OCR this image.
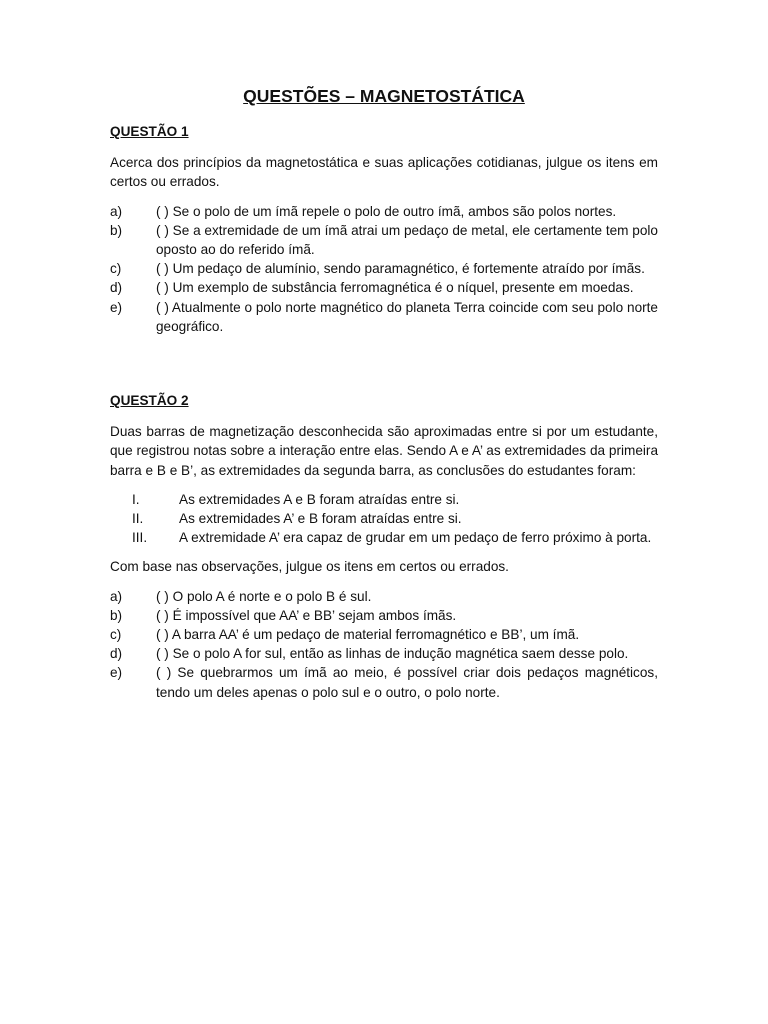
QUESTÕES – MAGNETOSTÁTICA
QUESTÃO 1

Acerca dos princípios da magnetostática e suas aplicações cotidianas, julgue os itens em certos ou errados.

a)	( ) Se o polo de um ímã repele o polo de outro ímã, ambos são polos nortes.
b)	( ) Se a extremidade de um ímã atrai um pedaço de metal, ele certamente tem polo oposto ao do referido ímã.
c)	( ) Um pedaço de alumínio, sendo paramagnético, é fortemente atraído por ímãs.
d)	( ) Um exemplo de substância ferromagnética é o níquel, presente em moedas.
e)	( ) Atualmente o polo norte magnético do planeta Terra coincide com seu polo norte geográfico.
QUESTÃO 2

Duas barras de magnetização desconhecida são aproximadas entre si por um estudante, que registrou notas sobre a interação entre elas. Sendo A e A’ as extremidades da primeira barra e B e B’, as extremidades da segunda barra, as conclusões do estudantes foram:

I.	As extremidades A e B foram atraídas entre si.
II.	As extremidades A’ e B foram atraídas entre si.
III.	A extremidade A’ era capaz de grudar em um pedaço de ferro próximo à porta.

Com base nas observações, julgue os itens em certos ou errados.

a)	( ) O polo A é norte e o polo B é sul.
b)	( ) É impossível que AA’ e BB’ sejam ambos ímãs.
c)	( ) A barra AA’ é um pedaço de material ferromagnético e BB’, um ímã.
d)	( ) Se o polo A for sul, então as linhas de indução magnética saem desse polo.
e)	( ) Se quebrarmos um ímã ao meio, é possível criar dois pedaços magnéticos, tendo um deles apenas o polo sul e o outro, o polo norte.
